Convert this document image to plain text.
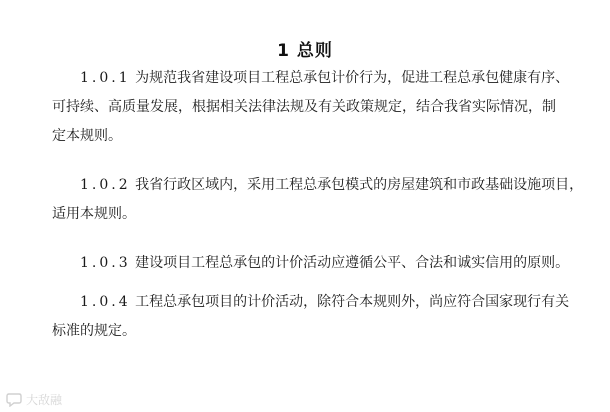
1 总则
1.0.1 为规范我省建设项目工程总承包计价行为，促进工程总承包健康有序、
可持续、高质量发展，根据相关法律法规及有关政策规定，结合我省实际情况，制
定本规则。
1.0.2 我省行政区域内，采用工程总承包模式的房屋建筑和市政基础设施项目，
适用本规则。
1.0.3 建设项目工程总承包的计价活动应遵循公平、合法和诚实信用的原则。
1.0.4 工程总承包项目的计价活动，除符合本规则外，尚应符合国家现行有关
标准的规定。
大敌融
